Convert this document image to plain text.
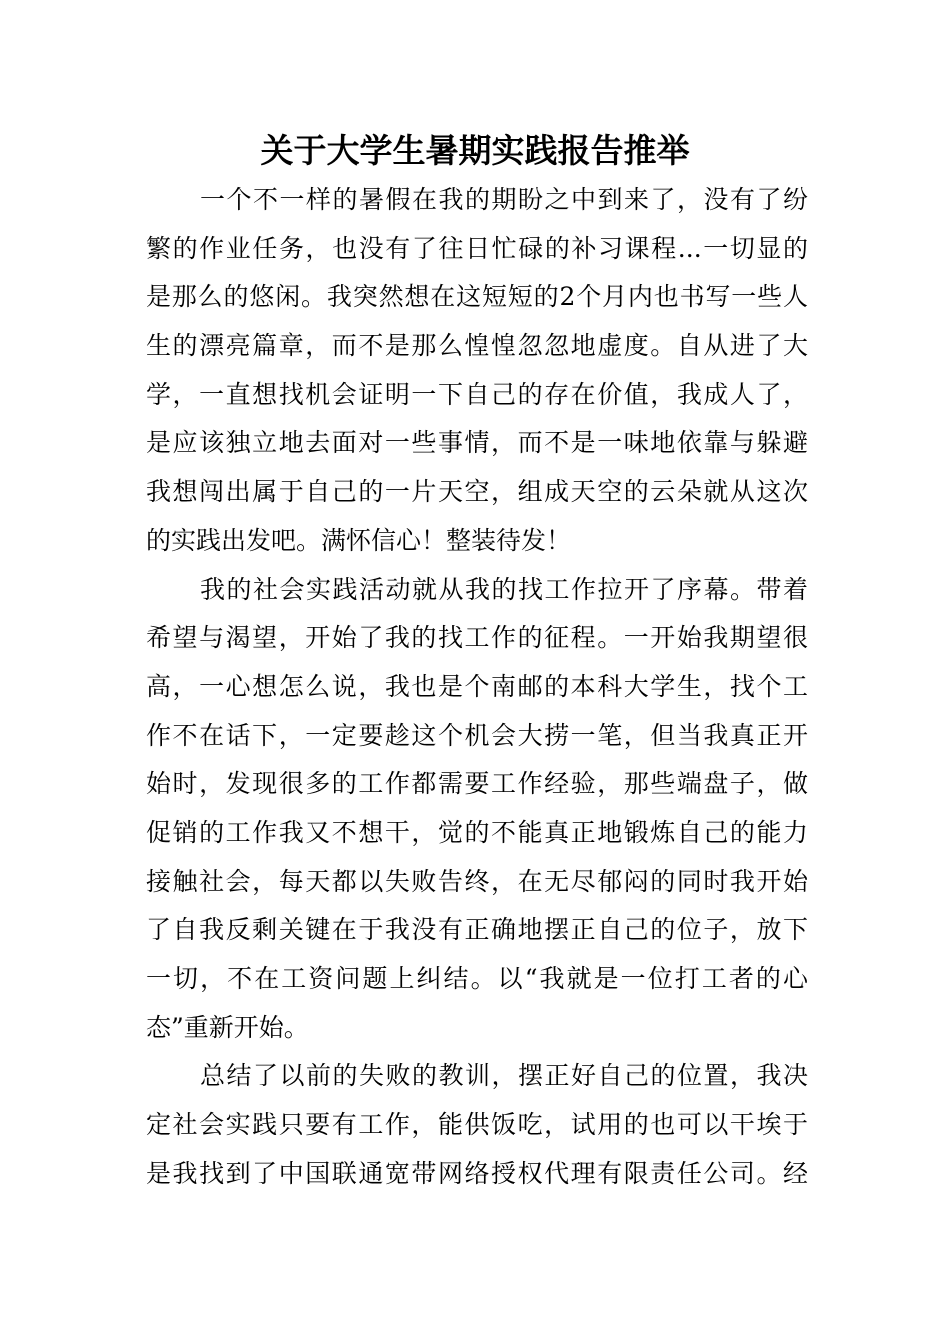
关于大学生暑期实践报告推举
一个不一样的暑假在我的期盼之中到来了，没有了纷
繁的作业任务，也没有了往日忙碌的补习课程...一切显的
是那么的悠闲。我突然想在这短短的2个月内也书写一些人
生的漂亮篇章，而不是那么惶惶忽忽地虚度。自从进了大
学，一直想找机会证明一下自己的存在价值，我成人了，
是应该独立地去面对一些事情，而不是一味地依靠与躲避
我想闯出属于自己的一片天空，组成天空的云朵就从这次
的实践出发吧。满怀信心！整装待发！
我的社会实践活动就从我的找工作拉开了序幕。带着
希望与渴望，开始了我的找工作的征程。一开始我期望很
高，一心想怎么说，我也是个南邮的本科大学生，找个工
作不在话下，一定要趁这个机会大捞一笔，但当我真正开
始时，发现很多的工作都需要工作经验，那些端盘子，做
促销的工作我又不想干，觉的不能真正地锻炼自己的能力
接触社会，每天都以失败告终，在无尽郁闷的同时我开始
了自我反剩关键在于我没有正确地摆正自己的位子，放下
一切，不在工资问题上纠结。以“我就是一位打工者的心
态”重新开始。
总结了以前的失败的教训，摆正好自己的位置，我决
定社会实践只要有工作，能供饭吃，试用的也可以干埃于
是我找到了中国联通宽带网络授权代理有限责任公司。经
